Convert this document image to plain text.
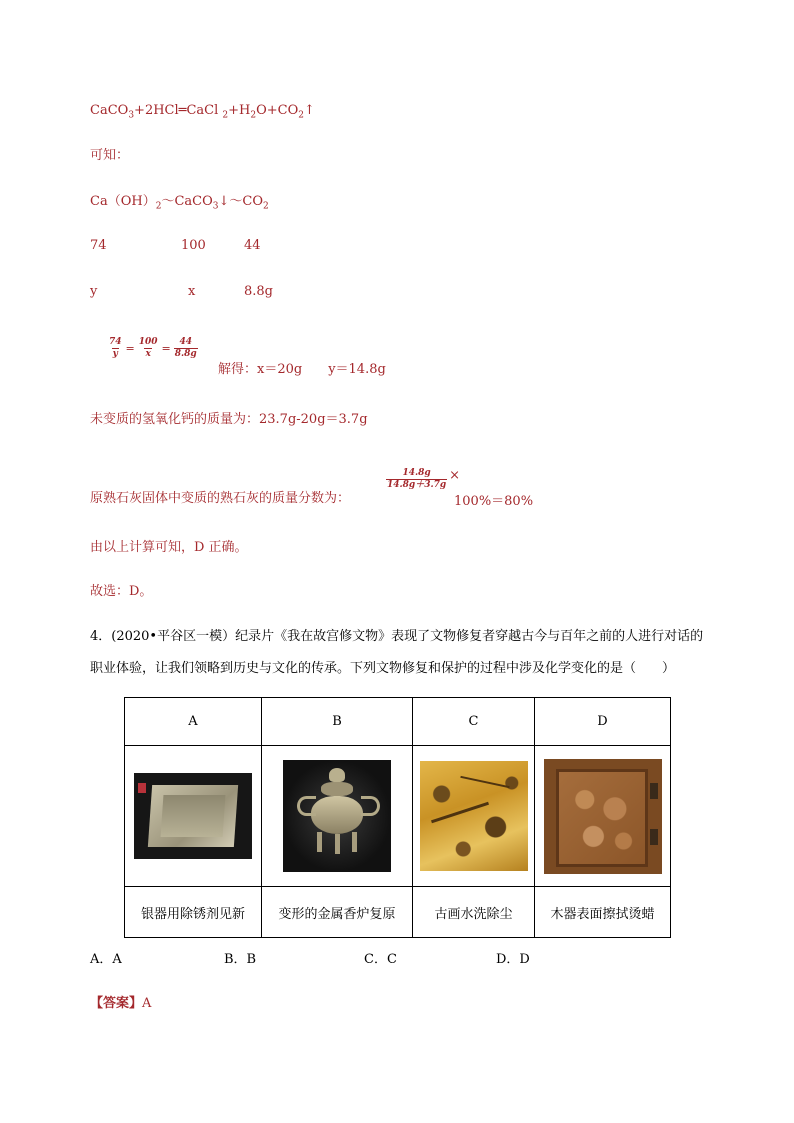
CaCO$_3$+2HCl═CaCl $_2+H_2O+CO_2↑$
可知：
$Ca(OH)_2\sim CaCO_3↓\sim CO_2$
74	100	44
y	x	8.8g
$\frac{74}{y} = \frac{100}{x} = \frac{44}{8.8g}$
解得：x＝20g　　y＝14.8g
未变质的氢氧化钙的质量为：23.7g-20g＝3.7g
原熟石灰固体中变质的熟石灰的质量分数为：
$\frac{14.8g}{14.8g+3.7g}$ ×
100%＝80%
由以上计算可知，D 正确。
故选：D。
4．(2020•平谷区一模）纪录片《我在故宫修文物》表现了文物修复者穿越古今与百年之前的人进行对话的
职业体验，让我们领略到历史与文化的传承。下列文物修复和保护的过程中涉及化学变化的是（　　）
A	B	C	D

银器用除锈剂见新	变形的金属香炉复原	古画水洗除尘	木器表面擦拭烫蜡
A．A	B．B	C．C	D．D
【答案】A
